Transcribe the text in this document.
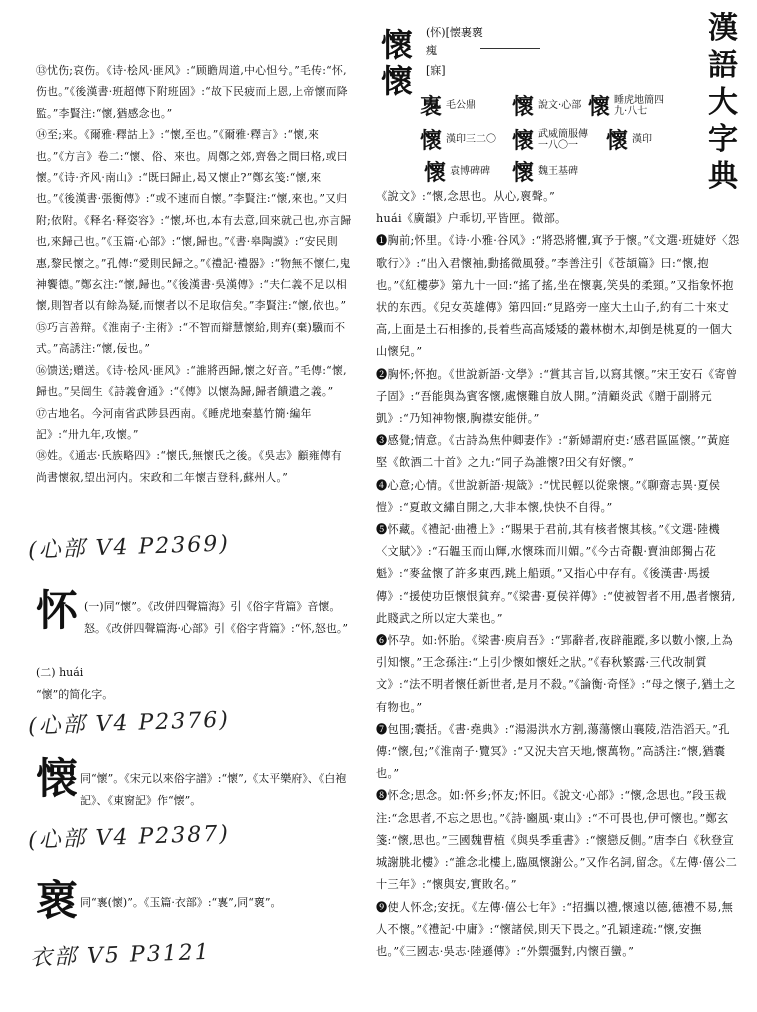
漢
語
大
字
典
懷
懷
(怀)[懐裹褱
瘣
[寐]
褢毛公鼎 懷說文·心部 懷 睡虎地簡四九·八七
懷漢印三二〇 懷 武威簡服傳一八〇一	懷漢印
懷袁博碑碑 懷魏王基碑

⑬忧伤;哀伤。《诗·桧风·匪风》:“顾瞻周道,中心怛兮。”毛传:“怀,伤也。”《後漢書·班超傳下附班固》:“故下民疲而上恩,上帝懷而降監。”李賢注:“懷,猶感念也。”

⑭至;来。《爾雅·釋詁上》:“懷,至也。”《爾雅·釋言》:“懷,來也。”《方言》卷二:“懷、俗、來也。周鄭之郊,齊魯之間曰格,或曰懷。”《诗·齐风·南山》:“既曰歸止,曷又懷止?”鄭玄笺:“懷,來也。”《後漢書·張衡傳》:“或不速而自懷。”李賢注:“懷,來也。”又归附;依附。《释名·释姿容》:“懷,坏也,本有去意,回來就己也,亦言歸也,來歸己也。”《玉篇·心部》:“懷,歸也。”《書·皋陶謨》:“安民則惠,黎民懷之。”孔傳:“愛則民歸之。”《禮記·禮器》:“物無不懷仁,鬼神饗德。”鄭玄注:“懷,歸也。”《後漢書·吳漢傳》:“夫仁義不足以相懷,則智者以有餘為疑,而懷者以不足取信矣。”李賢注:“懷,依也。”

⑮巧言善辩。《淮南子·主術》:“不智而辯慧懷給,則弃(棄)驥而不式。”高誘注:“懷,佞也。”

⑯馈送;赠送。《诗·桧风·匪风》:“誰將西歸,懷之好音。”毛傳:“懷,歸也。”吴闿生《詩義會通》:“《傳》以懷為歸,歸者饋遺之義。”

⑰古地名。今河南省武陟县西南。《睡虎地秦墓竹簡·編年記》:“卅九年,攻懷。”

⑱姓。《通志·氏族略四》:“懷氏,無懷氏之後。《吳志》顧雍傳有尚書懷叙,望出河内。宋政和二年懷吉登科,蘇州人。”

(心部 V4 P2369)
怀 (一)同“懷”。《改併四聲篇海》引《俗字背篇》音懷。怒。《改併四聲篇海·心部》引《俗字背篇》:“怀,怒也。”
(二) huái
“懷”的简化字。
(心部 V4 P2376)
懐 同“懷”。《宋元以來俗字譜》:“懷”,《太平樂府》、《白袍記》、《東窗記》作“懐”。
(心部 V4 P2387)
褱 同“褢(懷)”。《玉篇·衣部》:“褢”,同“褱”。
衣部 V5 P3121

《說文》:“懷,念思也。从心,褱聲。”

huái《廣韻》户乖切,平皆匣。微部。

❶胸前;怀里。《诗·小雅·谷风》:“將恐將懼,寘予于懷。”《文選·班婕妤〈怨歌行〉》:“出入君懷袖,動搖微風發。”李善注引《苍頡篇》曰:“懷,抱也。”《紅樓夢》第九十一回:“搖了搖,坐在懷裏,笑吳的柔頸。”又指象怀抱状的东西。《兒女英雄傳》第四回:“見路旁一座大土山子,約有二十來丈高,上面是土石相摻的,長着些高高矮矮的叢林樹木,却倒是桃夏的一個大山懷兒。”

❷胸怀;怀抱。《世說新語·文學》:“賞其言旨,以寫其懷。”宋王安石《寄曾子固》:“吾能與為賓客懷,處懷難自放人開。”清顧炎武《贈于副將元凱》:“乃知神物懷,胸襟安能併。”

❸感覺;情意。《古詩為焦仲卿妻作》:“新婦謂府吏:‘感君區區懷。’”黃庭堅《飲酒二十首》之九:“同子為誰懷?田父有好懷。”

❹心意;心情。《世說新語·規箴》:“忧民輕以從衆懷。”《聊齋志異·夏侯愷》:“夏敢文繡自開之,大非本懷,快快不自得。”

❺怀藏。《禮記·曲禮上》:“賜果于君前,其有核者懷其核。”《文選·陸機〈文賦〉》:“石韞玉而山輝,水懷珠而川媚。”《今古奇觀·賣油郎獨占花魁》:“麥盆懷了許多東西,跳上船頭。”又指心中存有。《後漢書·馬援傳》:“援使功臣懷恨貧弃。”《梁書·夏侯祥傳》:“使被智者不用,愚者懷猜,此賤武之所以定大業也。”

❻怀孕。如:怀胎。《梁書·庾肩吾》:“郢辭者,夜辟龍蹤,多以數小懷,上為引知懷。”王念孫注:“上引少懷如懷妊之狀。”《春秋繁露·三代改制質文》:“法不明者懷任新世者,是月不殺。”《論衡·奇怪》:“母之懷子,猶土之有物也。”

❼包围;囊括。《書·堯典》:“湯湯洪水方割,蕩蕩懷山襄陵,浩浩滔天。”孔傳:“懷,包;”《淮南子·覽冥》:“又況夫宫天地,懷萬物。”高誘注:“懷,猶囊也。”

❽怀念;思念。如:怀乡;怀友;怀旧。《說文·心部》:“懷,念思也。”段玉裁注:“念思者,不忘之思也。”《詩·豳風·東山》:“不可畏也,伊可懷也。”鄭玄箋:“懷,思也。”三國魏曹植《與吳季重書》:“懷戀反側。”唐李白《秋登宣城謝朓北樓》:“誰念北樓上,臨風懷謝公。”又作名詞,留念。《左傳·僖公二十三年》:“懷與安,實敗名。”

❾使人怀念;安抚。《左傳·僖公七年》:“招攜以禮,懷遠以德,德禮不易,無人不懷。”《禮記·中庸》:“懷諸侯,則天下畏之。”孔穎達疏:“懷,安撫也。”《三國志·吳志·陸遜傳》:“外禦彊對,内懷百蠻。”
